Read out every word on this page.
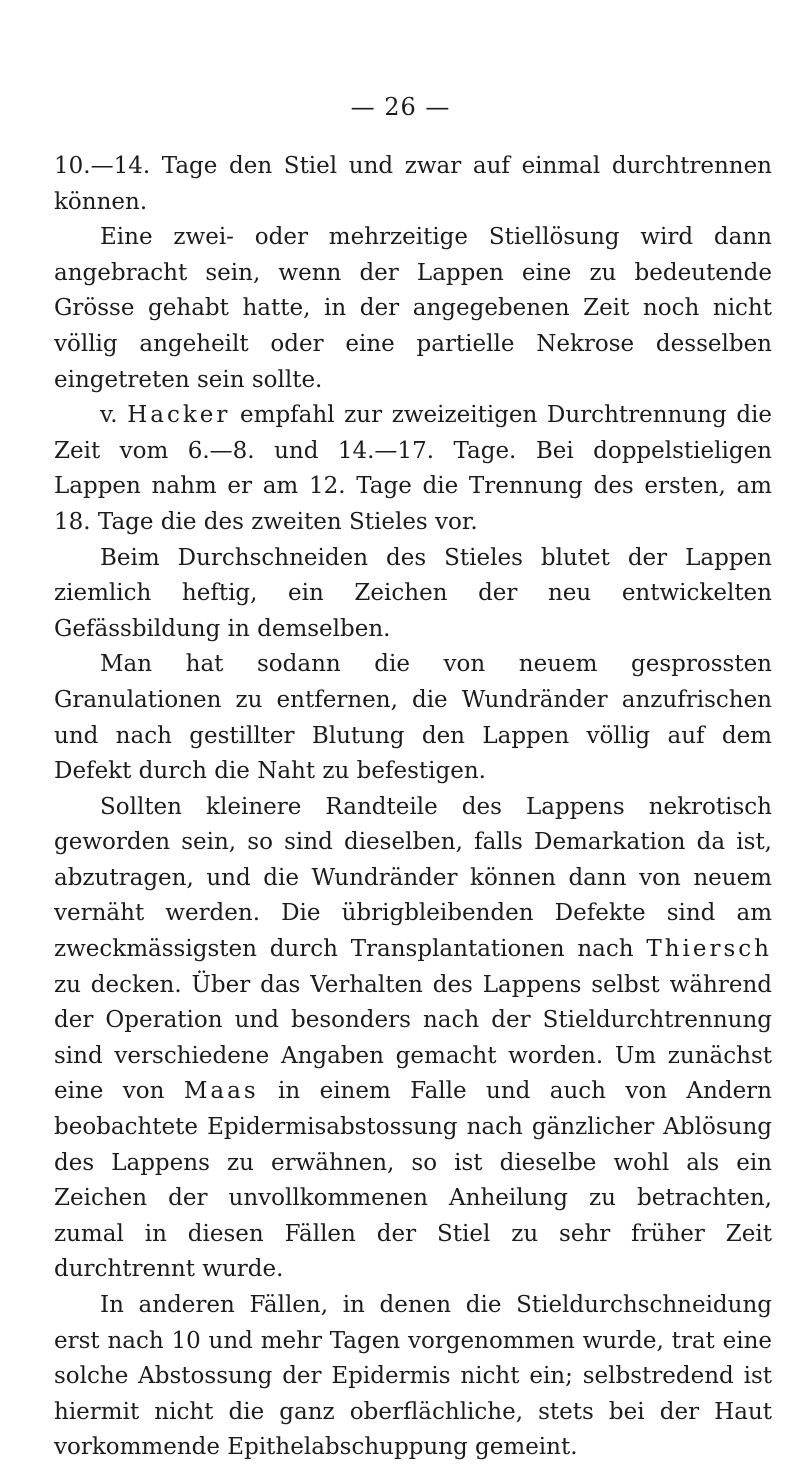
— 26 —

10.—14. Tage den Stiel und zwar auf einmal durchtrennen können.

Eine zwei- oder mehrzeitige Stiellösung wird dann angebracht sein, wenn der Lappen eine zu bedeutende Grösse gehabt hatte, in der angegebenen Zeit noch nicht völlig angeheilt oder eine partielle Nekrose desselben eingetreten sein sollte.

v. Hacker empfahl zur zweizeitigen Durchtrennung die Zeit vom 6.—8. und 14.—17. Tage. Bei doppelstieligen Lappen nahm er am 12. Tage die Trennung des ersten, am 18. Tage die des zweiten Stieles vor.

Beim Durchschneiden des Stieles blutet der Lappen ziemlich heftig, ein Zeichen der neu entwickelten Gefässbildung in demselben.

Man hat sodann die von neuem gesprossten Granulationen zu entfernen, die Wundränder anzufrischen und nach gestillter Blutung den Lappen völlig auf dem Defekt durch die Naht zu befestigen.

Sollten kleinere Randteile des Lappens nekrotisch geworden sein, so sind dieselben, falls Demarkation da ist, abzutragen, und die Wundränder können dann von neuem vernäht werden. Die übrigbleibenden Defekte sind am zweckmässigsten durch Transplantationen nach Thiersch zu decken. Über das Verhalten des Lappens selbst während der Operation und besonders nach der Stieldurchtrennung sind verschiedene Angaben gemacht worden. Um zunächst eine von Maas in einem Falle und auch von Andern beobachtete Epidermisabstossung nach gänzlicher Ablösung des Lappens zu erwähnen, so ist dieselbe wohl als ein Zeichen der unvollkommenen Anheilung zu betrachten, zumal in diesen Fällen der Stiel zu sehr früher Zeit durchtrennt wurde.

In anderen Fällen, in denen die Stieldurchschneidung erst nach 10 und mehr Tagen vorgenommen wurde, trat eine solche Abstossung der Epidermis nicht ein; selbstredend ist hiermit nicht die ganz oberflächliche, stets bei der Haut vorkommende Epithelabschuppung gemeint.
